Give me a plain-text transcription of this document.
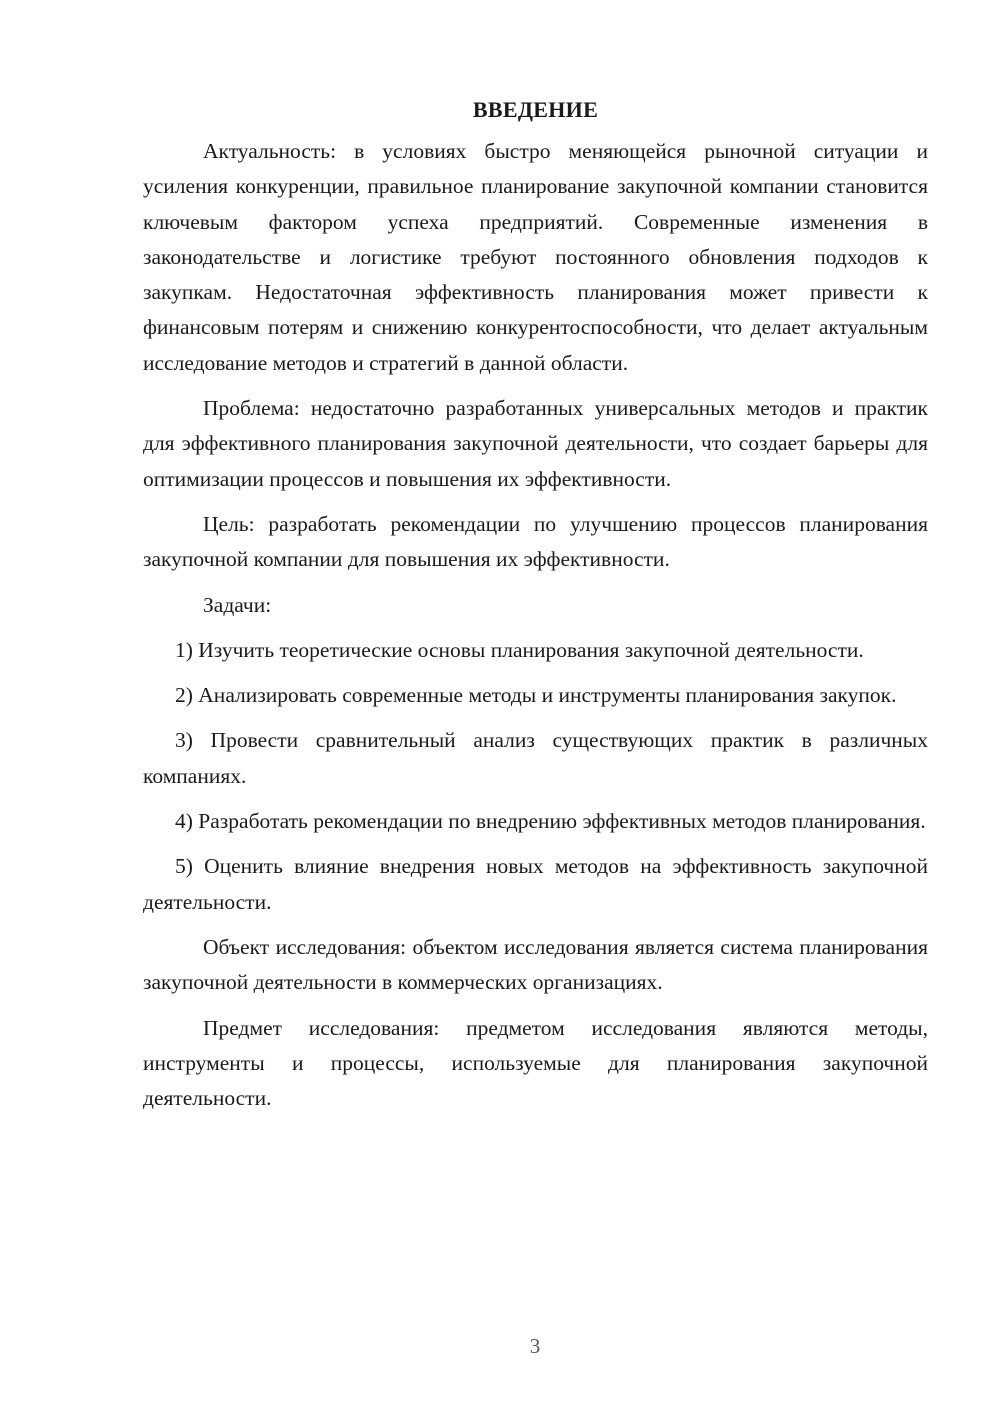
ВВЕДЕНИЕ

Актуальность: в условиях быстро меняющейся рыночной ситуации и усиления конкуренции, правильное планирование закупочной компании становится ключевым фактором успеха предприятий. Современные изменения в законодательстве и логистике требуют постоянного обновления подходов к закупкам. Недостаточная эффективность планирования может привести к финансовым потерям и снижению конкурентоспособности, что делает актуальным исследование методов и стратегий в данной области.

Проблема: недостаточно разработанных универсальных методов и практик для эффективного планирования закупочной деятельности, что создает барьеры для оптимизации процессов и повышения их эффективности.

Цель: разработать рекомендации по улучшению процессов планирования закупочной компании для повышения их эффективности.

Задачи:

1) Изучить теоретические основы планирования закупочной деятельности.

2) Анализировать современные методы и инструменты планирования закупок.

3) Провести сравнительный анализ существующих практик в различных компаниях.

4) Разработать рекомендации по внедрению эффективных методов планирования.

5) Оценить влияние внедрения новых методов на эффективность закупочной деятельности.

Объект исследования: объектом исследования является система планирования закупочной деятельности в коммерческих организациях.

Предмет исследования: предметом исследования являются методы, инструменты и процессы, используемые для планирования закупочной деятельности.

3
